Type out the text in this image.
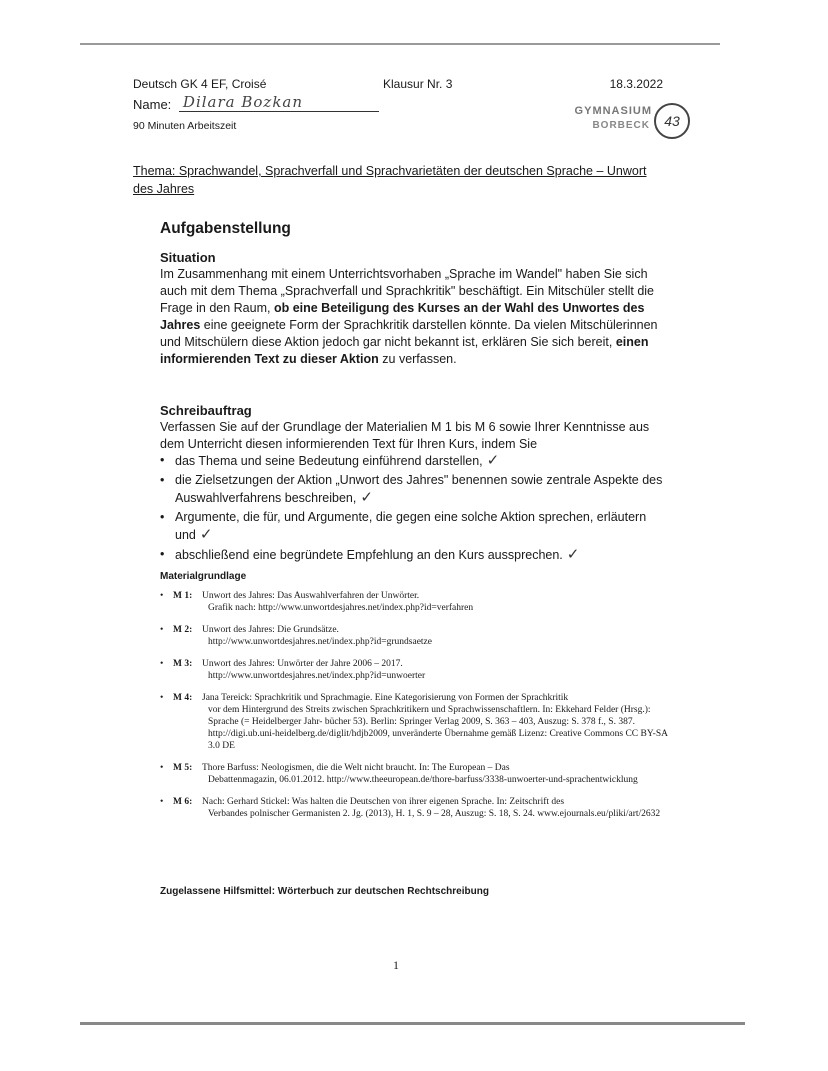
Deutsch GK 4 EF, Croisé	Klausur Nr. 3	18.3.2022
Name: Dilara Bozkan
90 Minuten Arbeitszeit
GYMNASIUM
BORBECK	43
Thema: Sprachwandel, Sprachverfall und Sprachvarietäten der deutschen Sprache – Unwort des Jahres
Aufgabenstellung
Situation
Im Zusammenhang mit einem Unterrichtsvorhaben „Sprache im Wandel" haben Sie sich auch mit dem Thema „Sprachverfall und Sprachkritik" beschäftigt. Ein Mitschüler stellt die Frage in den Raum, ob eine Beteiligung des Kurses an der Wahl des Unwortes des Jahres eine geeignete Form der Sprachkritik darstellen könnte. Da vielen Mitschülerinnen und Mitschülern diese Aktion jedoch gar nicht bekannt ist, erklären Sie sich bereit, einen informierenden Text zu dieser Aktion zu verfassen.
Schreibauftrag
Verfassen Sie auf der Grundlage der Materialien M 1 bis M 6 sowie Ihrer Kenntnisse aus dem Unterricht diesen informierenden Text für Ihren Kurs, indem Sie
• das Thema und seine Bedeutung einführend darstellen, ✓
• die Zielsetzungen der Aktion „Unwort des Jahres" benennen sowie zentrale Aspekte des Auswahlverfahrens beschreiben, ✓
• Argumente, die für, und Argumente, die gegen eine solche Aktion sprechen, erläutern und ✓
• abschließend eine begründete Empfehlung an den Kurs aussprechen. ✓
Materialgrundlage
• M 1: Unwort des Jahres: Das Auswahlverfahren der Unwörter.
Grafik nach: http://www.unwortdesjahres.net/index.php?id=verfahren
• M 2: Unwort des Jahres: Die Grundsätze.
http://www.unwortdesjahres.net/index.php?id=grundsaetze
• M 3: Unwort des Jahres: Unwörter der Jahre 2006 – 2017.
http://www.unwortdesjahres.net/index.php?id=unwoerter
• M 4: Jana Tereick: Sprachkritik und Sprachmagie. Eine Kategorisierung von Formen der Sprachkritik
vor dem Hintergrund des Streits zwischen Sprachkritikern und Sprachwissenschaftlern. In: Ekkehard Felder (Hrsg.): Sprache (= Heidelberger Jahr- bücher 53). Berlin: Springer Verlag 2009, S. 363 – 403, Auszug: S. 378 f., S. 387. http://digi.ub.uni-heidelberg.de/diglit/hdjb2009, unveränderte Übernahme gemäß Lizenz: Creative Commons CC BY-SA 3.0 DE
• M 5: Thore Barfuss: Neologismen, die die Welt nicht braucht. In: The European – Das
Debattenmagazin, 06.01.2012. http://www.theeuropean.de/thore-barfuss/3338-unwoerter-und-sprachentwicklung
• M 6: Nach: Gerhard Stickel: Was halten die Deutschen von ihrer eigenen Sprache. In: Zeitschrift des
Verbandes polnischer Germanisten 2. Jg. (2013), H. 1, S. 9 – 28, Auszug: S. 18, S. 24. www.ejournals.eu/pliki/art/2632
Zugelassene Hilfsmittel: Wörterbuch zur deutschen Rechtschreibung
1
